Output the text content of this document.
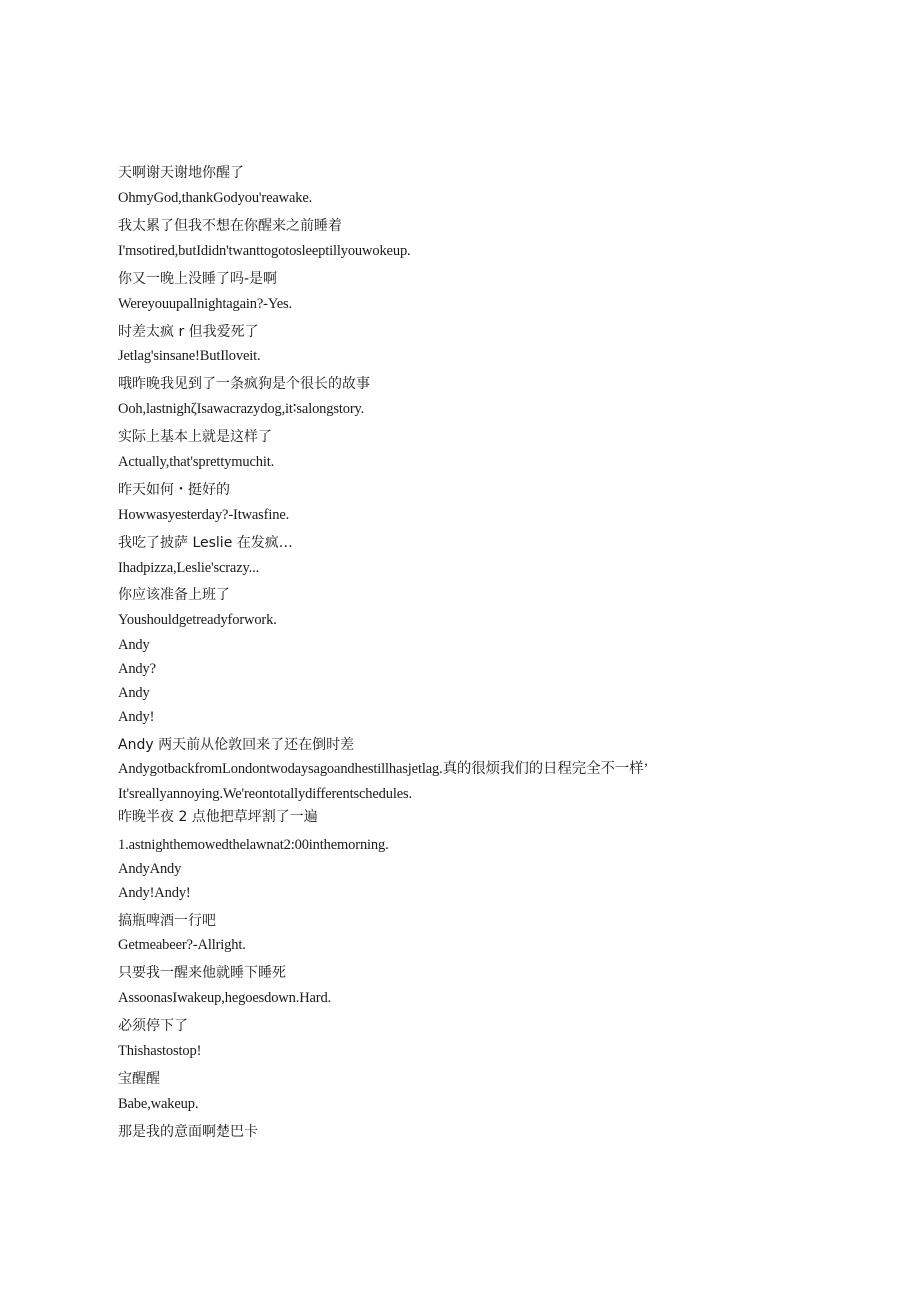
天啊谢天谢地你醒了
OhmyGod,thankGodyou'reawake.
我太累了但我不想在你醒来之前睡着
I'msotired,butIdidn'twanttogotosleeptillyouwokeup.
你又一晚上没睡了吗-是啊
Wereyouupallnightagain?-Yes.
时差太疯 r 但我爱死了
Jetlag'sinsane!ButIloveit.
哦昨晚我见到了一条疯狗是个很长的故事
Ooh,lastnighζIsawacrazydog,it∶salongstory.
实际上基本上就是这样了
Actually,that'sprettymuchit.
昨天如何・挺好的
Howwasyesterday?-Itwasfine.
我吃了披萨 Leslie 在发疯…
Ihadpizza,Leslie'scrazy...
你应该准备上班了
Youshouldgetreadyforwork.
Andy
Andy?
Andy
Andy!
Andy 两天前从伦敦回来了还在倒时差
AndygotbackfromLondontwodaysagoandhestillhasjetlag.真的很烦我们的日程完全不一样’
It'sreallyannoying.We'reontotallydifferentschedules.
昨晚半夜 2 点他把草坪割了一遍
1.astnighthemowedthelawnat2:00inthemorning.
AndyAndy
Andy!Andy!
搞瓶啤酒一行吧
Getmeabeer?-Allright.
只要我一醒来他就睡下睡死
AssoonasIwakeup,hegoesdown.Hard.
必须停下了
Thishastostop!
宝醒醒
Babe,wakeup.
那是我的意面啊楚巴卡
